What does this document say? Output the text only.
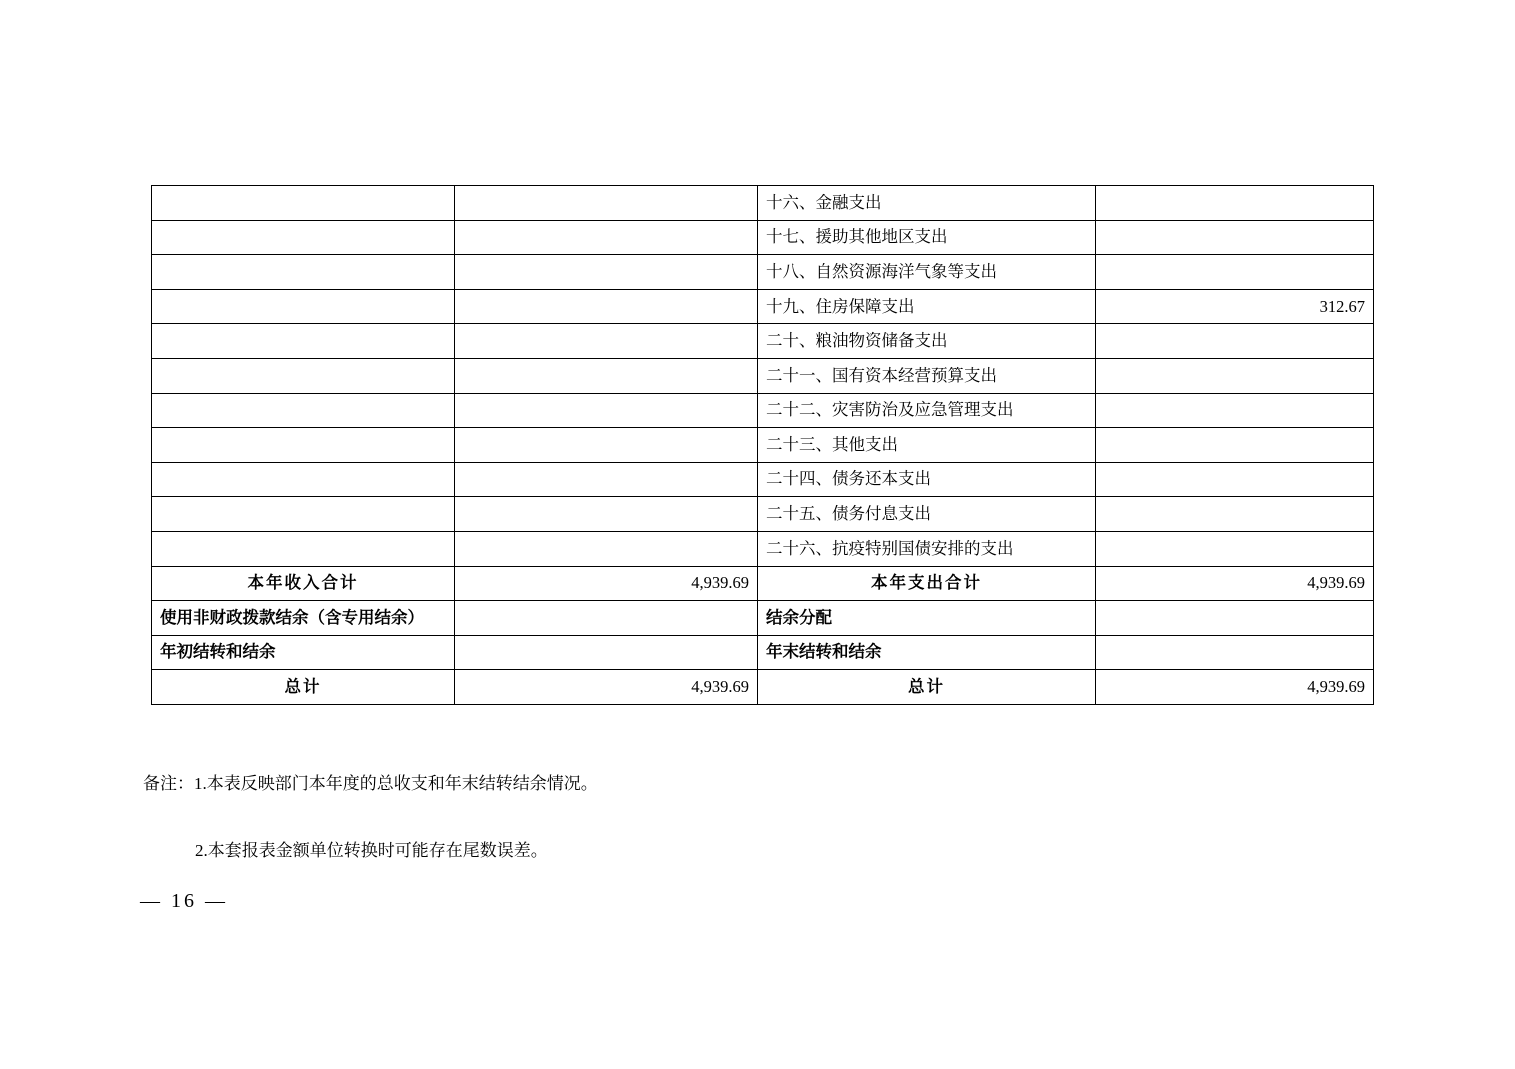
		十六、金融支出	
		十七、援助其他地区支出	
		十八、自然资源海洋气象等支出	
		十九、住房保障支出	312.67
		二十、粮油物资储备支出	
		二十一、国有资本经营预算支出	
		二十二、灾害防治及应急管理支出	
		二十三、其他支出	
		二十四、债务还本支出	
		二十五、债务付息支出	
		二十六、抗疫特别国债安排的支出	
本年收入合计	4,939.69	本年支出合计	4,939.69
使用非财政拨款结余（含专用结余）		结余分配	
年初结转和结余		年末结转和结余	
总计	4,939.69	总计	4,939.69

备注：1.本表反映部门本年度的总收支和年末结转结余情况。

2.本套报表金额单位转换时可能存在尾数误差。

— 16 —
